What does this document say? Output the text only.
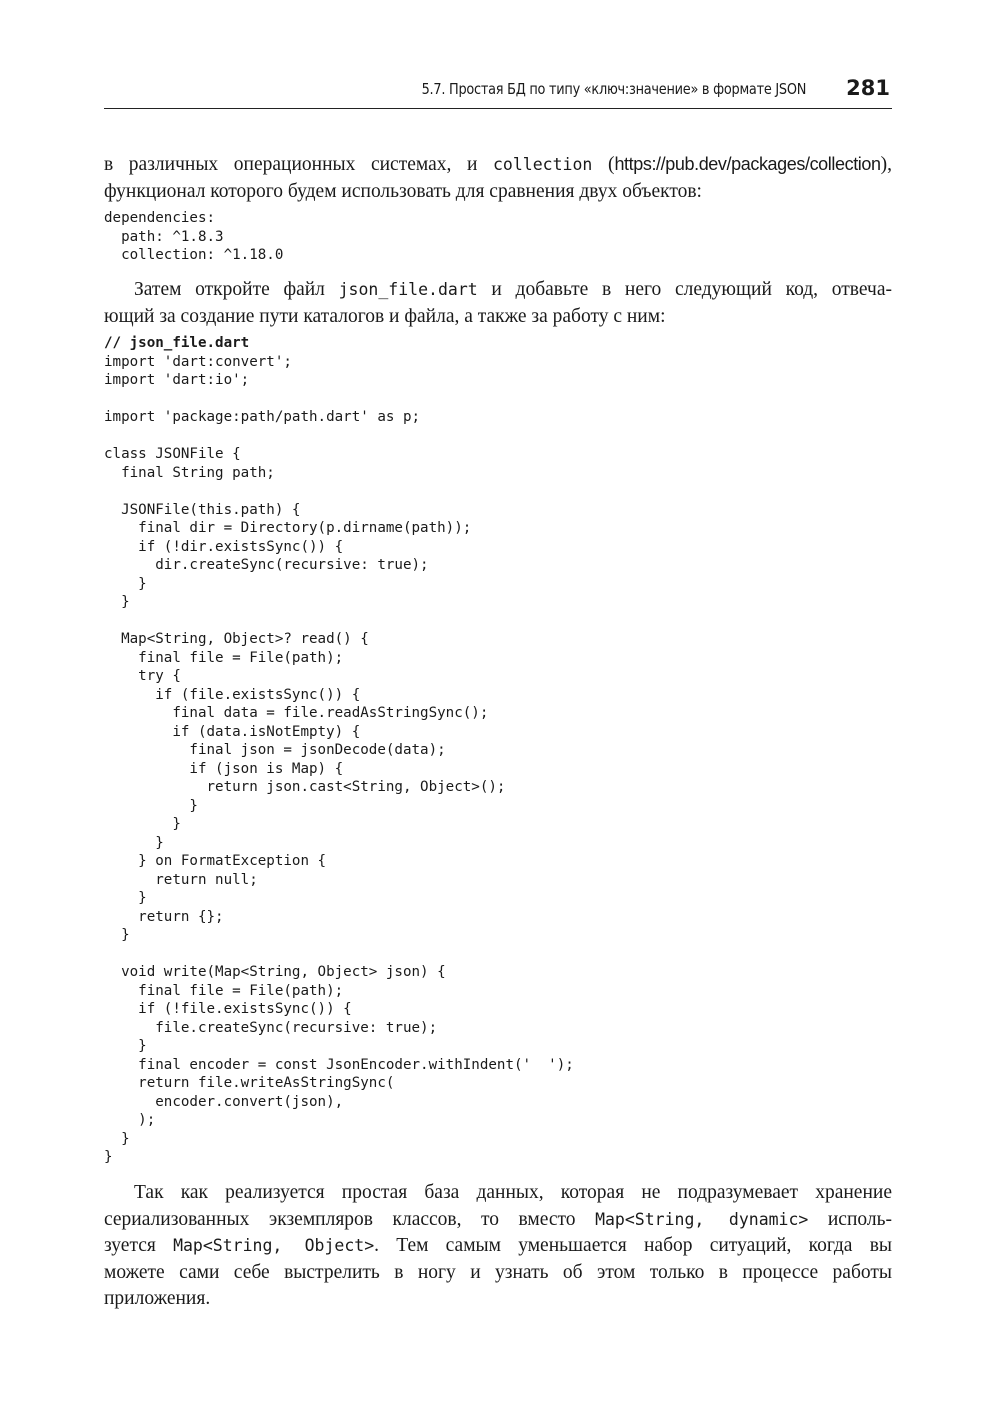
5.7. Простая БД по типу «ключ:значение» в формате JSON 281

в различных операционных системах, и collection (https://pub.dev/packages/collection),
функционал которого будем использовать для сравнения двух объектов:

dependencies:
path: ^1.8.3
collection: ^1.18.0

Затем откройте файл json_file.dart и добавьте в него следующий код, отвеча-
ющий за создание пути каталогов и файла, а также за работу с ним:

// json_file.dart
import 'dart:convert';
import 'dart:io';

import 'package:path/path.dart' as p;

class JSONFile {
final String path;

JSONFile(this.path) {
final dir = Directory(p.dirname(path));
if (!dir.existsSync()) {
dir.createSync(recursive: true);
}
}

Map<String, Object>? read() {
final file = File(path);
try {
if (file.existsSync()) {
final data = file.readAsStringSync();
if (data.isNotEmpty) {
final json = jsonDecode(data);
if (json is Map) {
return json.cast<String, Object>();
}
}
}
} on FormatException {
return null;
}
return {};
}

void write(Map<String, Object> json) {
final file = File(path);
if (!file.existsSync()) {
file.createSync(recursive: true);
}
final encoder = const JsonEncoder.withIndent('  ');
return file.writeAsStringSync(
encoder.convert(json),
);
}
}

Так как реализуется простая база данных, которая не подразумевает хранение
сериализованных экземпляров классов, то вместо Map<String, dynamic> исполь-
зуется Map<String, Object>. Тем самым уменьшается набор ситуаций, когда вы
можете сами себе выстрелить в ногу и узнать об этом только в процессе работы
приложения.
